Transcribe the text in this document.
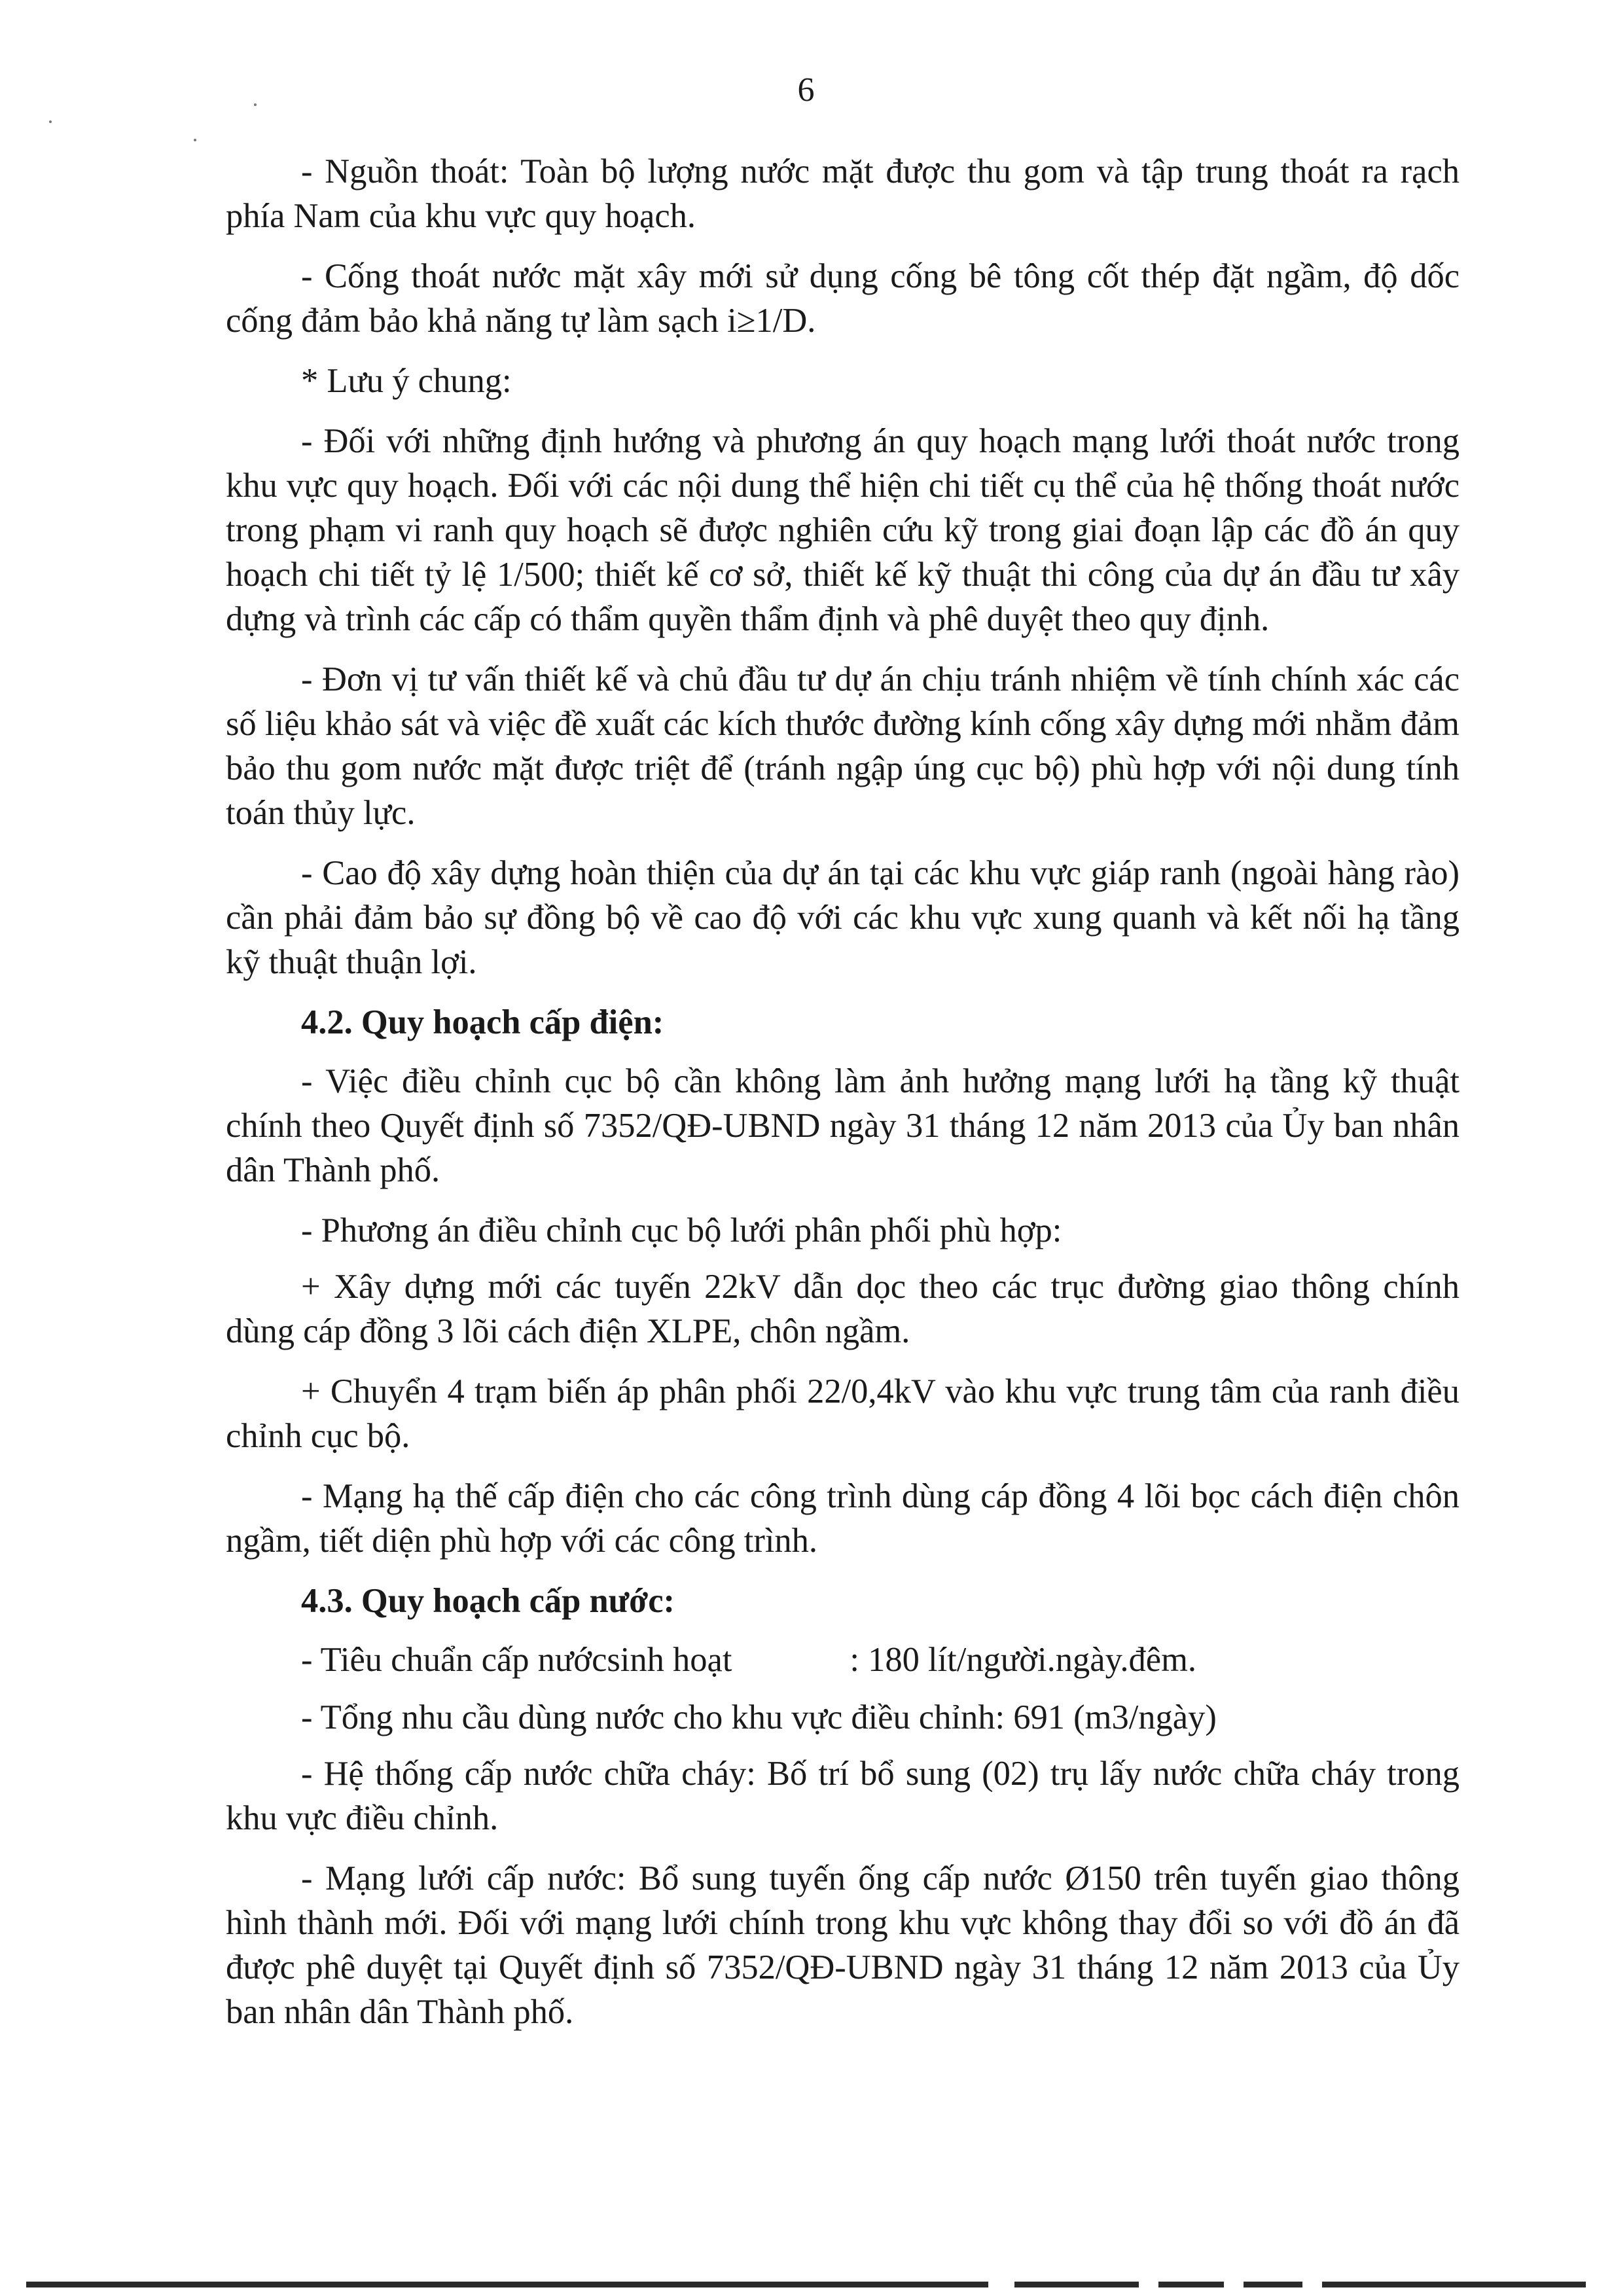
6

- Nguồn thoát: Toàn bộ lượng nước mặt được thu gom và tập trung thoát ra rạch phía Nam của khu vực quy hoạch.

- Cống thoát nước mặt xây mới sử dụng cống bê tông cốt thép đặt ngầm, độ dốc cống đảm bảo khả năng tự làm sạch i≥1/D.

* Lưu ý chung:

- Đối với những định hướng và phương án quy hoạch mạng lưới thoát nước trong khu vực quy hoạch. Đối với các nội dung thể hiện chi tiết cụ thể của hệ thống thoát nước trong phạm vi ranh quy hoạch sẽ được nghiên cứu kỹ trong giai đoạn lập các đồ án quy hoạch chi tiết tỷ lệ 1/500; thiết kế cơ sở, thiết kế kỹ thuật thi công của dự án đầu tư xây dựng và trình các cấp có thẩm quyền thẩm định và phê duyệt theo quy định.

- Đơn vị tư vấn thiết kế và chủ đầu tư dự án chịu tránh nhiệm về tính chính xác các số liệu khảo sát và việc đề xuất các kích thước đường kính cống xây dựng mới nhằm đảm bảo thu gom nước mặt được triệt để (tránh ngập úng cục bộ) phù hợp với nội dung tính toán thủy lực.

- Cao độ xây dựng hoàn thiện của dự án tại các khu vực giáp ranh (ngoài hàng rào) cần phải đảm bảo sự đồng bộ về cao độ với các khu vực xung quanh và kết nối hạ tầng kỹ thuật thuận lợi.

4.2. Quy hoạch cấp điện:

- Việc điều chỉnh cục bộ cần không làm ảnh hưởng mạng lưới hạ tầng kỹ thuật chính theo Quyết định số 7352/QĐ-UBND ngày 31 tháng 12 năm 2013 của Ủy ban nhân dân Thành phố.

- Phương án điều chỉnh cục bộ lưới phân phối phù hợp:

+ Xây dựng mới các tuyến 22kV dẫn dọc theo các trục đường giao thông chính dùng cáp đồng 3 lõi cách điện XLPE, chôn ngầm.

+ Chuyển 4 trạm biến áp phân phối 22/0,4kV vào khu vực trung tâm của ranh điều chỉnh cục bộ.

- Mạng hạ thế cấp điện cho các công trình dùng cáp đồng 4 lõi bọc cách điện chôn ngầm, tiết diện phù hợp với các công trình.

4.3. Quy hoạch cấp nước:

- Tiêu chuẩn cấp nướcsinh hoạt	: 180 lít/người.ngày.đêm.

- Tổng nhu cầu dùng nước cho khu vực điều chỉnh: 691 (m3/ngày)

- Hệ thống cấp nước chữa cháy: Bố trí bổ sung (02) trụ lấy nước chữa cháy trong khu vực điều chỉnh.

- Mạng lưới cấp nước: Bổ sung tuyến ống cấp nước Ø150 trên tuyến giao thông hình thành mới. Đối với mạng lưới chính trong khu vực không thay đổi so với đồ án đã được phê duyệt tại Quyết định số 7352/QĐ-UBND ngày 31 tháng 12 năm 2013 của Ủy ban nhân dân Thành phố.
